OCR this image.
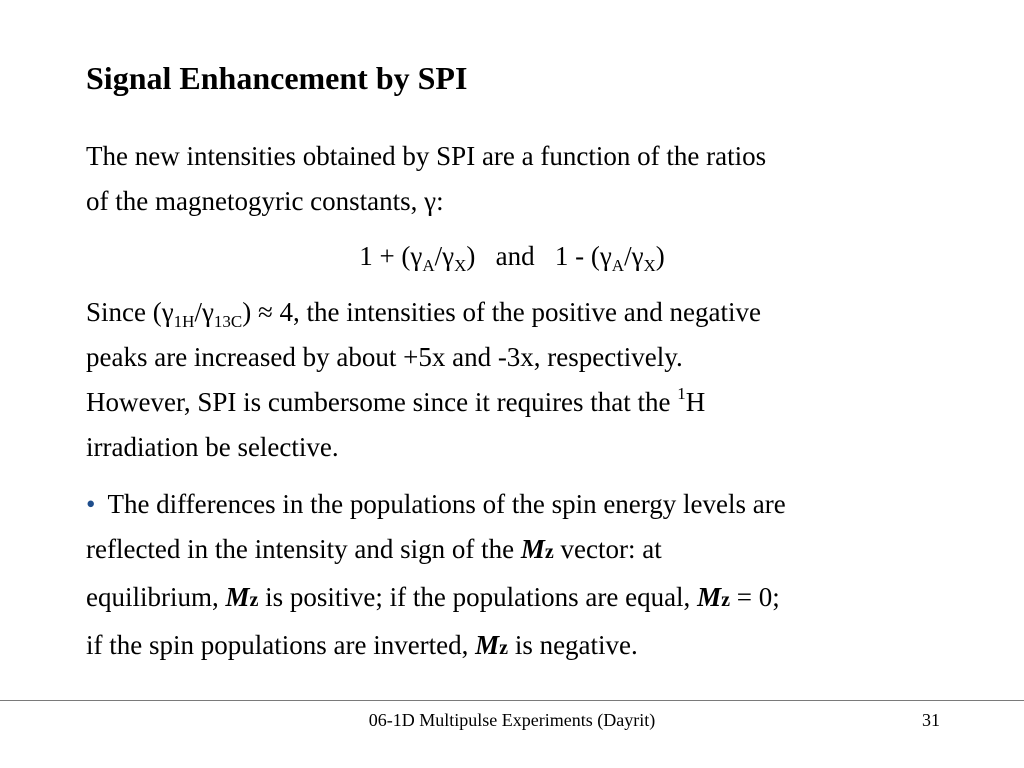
Signal Enhancement by SPI
The new intensities obtained by SPI are a function of the ratios
of the magnetogyric constants, γ:
$1 + (\gamma_A/\gamma_X)$   and   $1 - (\gamma_A/\gamma_X)$
Since $(\gamma_{1H}/\gamma_{13C}) \approx 4$, the intensities of the positive and negative
peaks are increased by about +5x and -3x, respectively.
However, SPI is cumbersome since it requires that the $^1$H
irradiation be selective.
• The differences in the populations of the spin energy levels are
reflected in the intensity and sign of the Mz vector: at
equilibrium, Mz is positive; if the populations are equal, Mz = 0;
if the spin populations are inverted, Mz is negative.
06-1D Multipulse Experiments (Dayrit)	31
